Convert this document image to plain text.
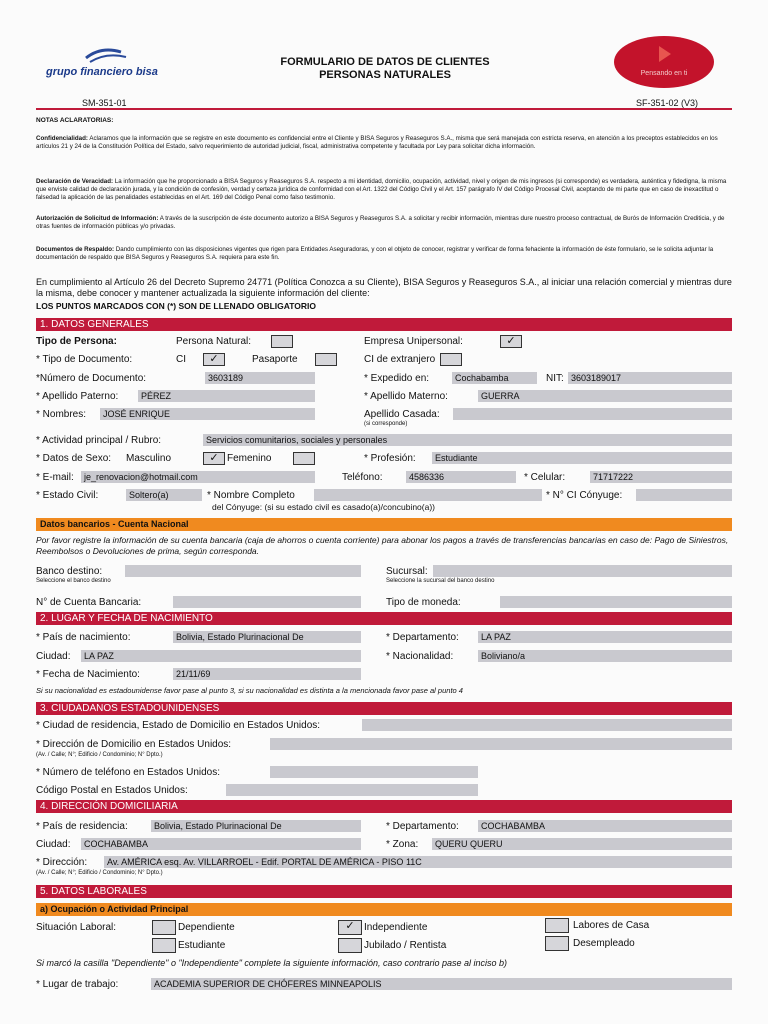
grupo financiero bisa
FORMULARIO DE DATOS DE CLIENTES
PERSONAS NATURALES	Pensando en ti
SM-351-01	SF-351-02 (V3)
NOTAS ACLARATORIAS:
Confidencialidad: Aclaramos que la información que se registre en este documento es confidencial entre el Cliente y BISA Seguros y Reaseguros S.A., misma que será manejada con estricta reserva, en atención a los preceptos establecidos en los artículos 21 y 24 de la Constitución Política del Estado, salvo requerimiento de autoridad judicial, fiscal, administrativa competente y facultada por Ley para solicitar dicha información.
Declaración de Veracidad: La información que he proporcionado a BISA Seguros y Reaseguros S.A. respecto a mi identidad, domicilio, ocupación, actividad, nivel y origen de mis ingresos (si corresponde) es verdadera, auténtica y fidedigna, la misma que enviste calidad de declaración jurada, y la condición de confesión, verdad y certeza jurídica de conformidad con el Art. 1322 del Código Civil y el Art. 157 parágrafo IV del Código Procesal Civil, aceptando de mi parte que en caso de inexactitud o falsedad la aplicación de las penalidades establecidas en el Art. 169 del Código Penal como falso testimonio.
Autorización de Solicitud de Información: A través de la suscripción de éste documento autorizo a BISA Seguros y Reaseguros S.A. a solicitar y recibir información, mientras dure nuestro proceso contractual, de Burós de Información Crediticia, y de otras fuentes de información públicas y/o privadas.
Documentos de Respaldo: Dando cumplimiento con las disposiciones vigentes que rigen para Entidades Aseguradoras, y con el objeto de conocer, registrar y verificar de forma fehaciente la información de éste formulario, se le solicita adjuntar la documentación de respaldo que BISA Seguros y Reaseguros S.A. requiera para este fin.
En cumplimiento al Artículo 26 del Decreto Supremo 24771 (Política Conozca a su Cliente), BISA Seguros y Reaseguros S.A., al iniciar una relación comercial y mientras dure la misma, debe conocer y mantener actualizada la siguiente información del cliente:
LOS PUNTOS MARCADOS CON (*) SON DE LLENADO OBLIGATORIO
1. DATOS GENERALES
Tipo de Persona:	Persona Natural:	Empresa Unipersonal:	✓
* Tipo de Documento:	CI	✓	Pasaporte	CI de extranjero
*Número de Documento:	3603189	* Expedido en:	Cochabamba	NIT: 3603189017
* Apellido Paterno:	PÉREZ	* Apellido Materno:	GUERRA
* Nombres:	JOSÉ ENRIQUE	Apellido Casada:
(si corresponde)
* Actividad principal / Rubro:	Servicios comunitarios, sociales y personales
* Datos de Sexo: Masculino	✓ Femenino	* Profesión:	Estudiante
* E-mail:	je_renovacion@hotmail.com	Teléfono:	4586336	* Celular:	71717222
* Estado Civil:	Soltero(a)	* Nombre Completo
del Cónyuge: (si su estado civil es casado(a)/concubino(a))
* N° CI Cónyuge:
Datos bancarios - Cuenta Nacional
Por favor registre la información de su cuenta bancaria (caja de ahorros o cuenta corriente) para abonar los pagos a través de transferencias bancarias en caso de: Pago de Siniestros, Reembolsos o Devoluciones de prima, según corresponda.
Banco destino:
Seleccione el banco destino
Sucursal:
Seleccione la sucursal del banco destino
N° de Cuenta Bancaria:	Tipo de moneda:
2. LUGAR Y FECHA DE NACIMIENTO
* País de nacimiento:	Bolivia, Estado Plurinacional De	* Departamento:	LA PAZ
Ciudad:	LA PAZ	* Nacionalidad:	Boliviano/a
* Fecha de Nacimiento:	21/11/69
Si su nacionalidad es estadounidense favor pase al punto 3, si su nacionalidad es distinta a la mencionada favor pase al punto 4
3. CIUDADANOS ESTADOUNIDENSES
* Ciudad de residencia, Estado de Domicilio en Estados Unidos:
* Dirección de Domicilio en Estados Unidos:
(Av. / Calle; N°; Edificio / Condominio; N° Dpto.)
* Número de teléfono en Estados Unidos:
Código Postal en Estados Unidos:
4. DIRECCIÓN DOMICILIARIA
* País de residencia:	Bolivia, Estado Plurinacional De	* Departamento:	COCHABAMBA
Ciudad:	COCHABAMBA	* Zona:	QUERU QUERU
* Dirección:
(Av. / Calle; N°; Edificio / Condominio; N° Dpto.)
Av. AMÉRICA esq. Av. VILLARROEL - Edif. PORTAL DE AMÉRICA - PISO 11C
5. DATOS LABORALES
a) Ocupación o Actividad Principal
Situación Laboral:	Dependiente	✓ Independiente	Labores de Casa
Estudiante	Jubilado / Rentista	Desempleado
Si marcó la casilla "Dependiente" o "Independiente" complete la siguiente información, caso contrario pase al inciso b)
* Lugar de trabajo:	ACADEMIA SUPERIOR DE CHÓFERES MINNEAPOLIS
